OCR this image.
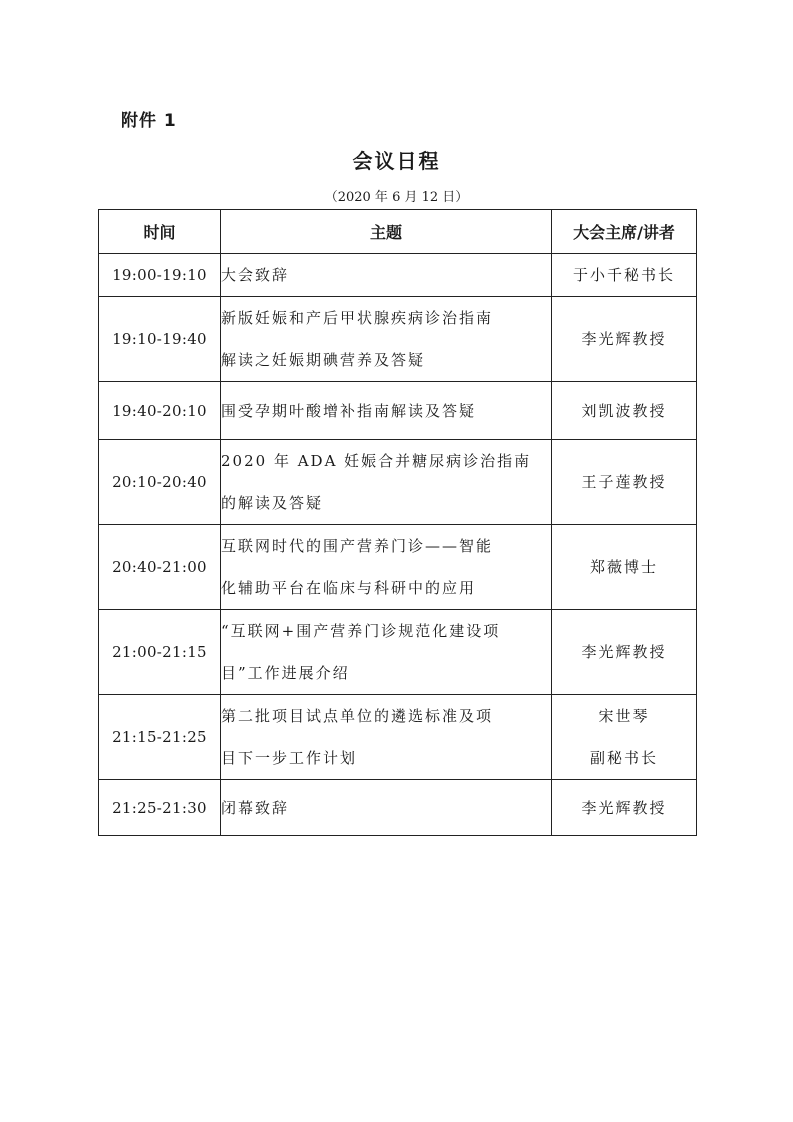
附件 1
会议日程
（2020 年 6 月 12 日）
时间	主题	大会主席/讲者
19:00-19:10	大会致辞	于小千秘书长

19:10-19:40	新版妊娠和产后甲状腺疾病诊治指南
解读之妊娠期碘营养及答疑	李光辉教授

19:40-20:10	围受孕期叶酸增补指南解读及答疑	刘凯波教授

20:10-20:40	2020 年 ADA 妊娠合并糖尿病诊治指南
的解读及答疑	王子莲教授

20:40-21:00	互联网时代的围产营养门诊——智能
化辅助平台在临床与科研中的应用	郑薇博士

21:00-21:15	“互联网+围产营养门诊规范化建设项
目”工作进展介绍	李光辉教授

21:15-21:25	第二批项目试点单位的遴选标准及项
目下一步工作计划	宋世琴
副秘书长

21:25-21:30	闭幕致辞	李光辉教授
